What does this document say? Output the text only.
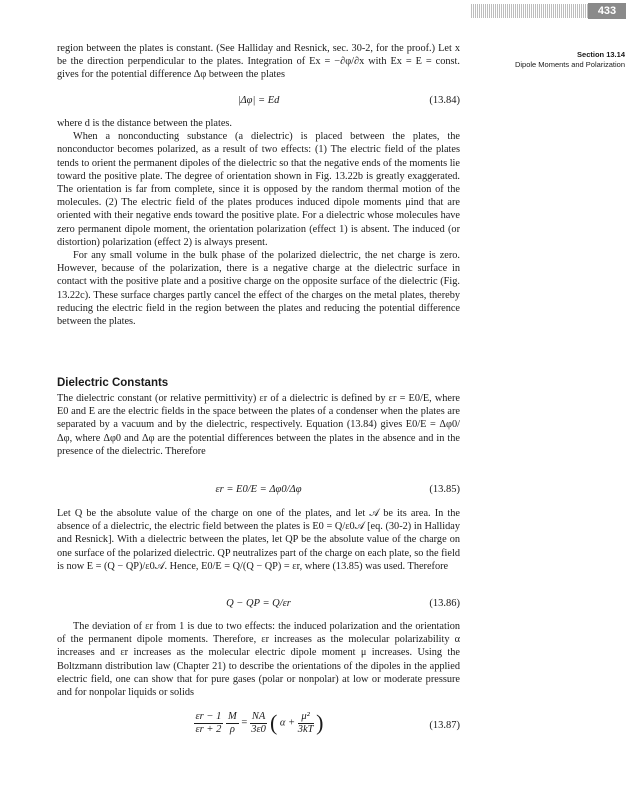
433
Section 13.14
Dipole Moments and Polarization

region between the plates is constant. (See Halliday and Resnick, sec. 30-2, for the proof.) Let x be the direction perpendicular to the plates. Integration of Ex = −∂φ/∂x with Ex = E = const. gives for the potential difference Δφ between the plates

|Δφ| = Ed	(13.84)

where d is the distance between the plates.

When a nonconducting substance (a dielectric) is placed between the plates, the nonconductor becomes polarized, as a result of two effects: (1) The electric field of the plates tends to orient the permanent dipoles of the dielectric so that the negative ends of the moments lie toward the positive plate. The degree of orientation shown in Fig. 13.22b is greatly exaggerated. The orientation is far from complete, since it is opposed by the random thermal motion of the molecules. (2) The electric field of the plates produces induced dipole moments μind that are oriented with their negative ends toward the positive plate. For a dielectric whose molecules have zero permanent dipole moment, the orientation polarization (effect 1) is absent. The induced (or distortion) polarization (effect 2) is always present.

For any small volume in the bulk phase of the polarized dielectric, the net charge is zero. However, because of the polarization, there is a negative charge at the dielectric surface in contact with the positive plate and a positive charge on the opposite surface of the dielectric (Fig. 13.22c). These surface charges partly cancel the effect of the charges on the metal plates, thereby reducing the electric field in the region between the plates and reducing the potential difference between the plates.

Dielectric Constants

The dielectric constant (or relative permittivity) εr of a dielectric is defined by εr = E0/E, where E0 and E are the electric fields in the space between the plates of a condenser when the plates are separated by a vacuum and by the dielectric, respectively. Equation (13.84) gives E0/E = Δφ0/Δφ, where Δφ0 and Δφ are the potential differences between the plates in the absence and in the presence of the dielectric. Therefore

εr = E0/E = Δφ0/Δφ	(13.85)

Let Q be the absolute value of the charge on one of the plates, and let 𝒜 be its area. In the absence of a dielectric, the electric field between the plates is E0 = Q/ε0𝒜 [eq. (30-2) in Halliday and Resnick]. With a dielectric between the plates, let QP be the absolute value of the charge on one surface of the polarized dielectric. QP neutralizes part of the charge on each plate, so the field is now E = (Q − QP)/ε0𝒜. Hence, E0/E = Q/(Q − QP) = εr, where (13.85) was used. Therefore

Q − QP = Q/εr	(13.86)

The deviation of εr from 1 is due to two effects: the induced polarization and the orientation of the permanent dipole moments. Therefore, εr increases as the molecular polarizability α increases and εr increases as the molecular electric dipole moment μ increases. Using the Boltzmann distribution law (Chapter 21) to describe the orientations of the dipoles in the applied electric field, one can show that for pure gases (polar or nonpolar) at low or moderate pressure and for nonpolar liquids or solids

$\frac{\varepsilon r - 1}{\varepsilon r + 2}$
$\frac{M}{\rho} = \frac{NA}{3\varepsilon 0}$ ( $\alpha + \frac{\text{μ²}}{3kT}$ )	(13.87)
